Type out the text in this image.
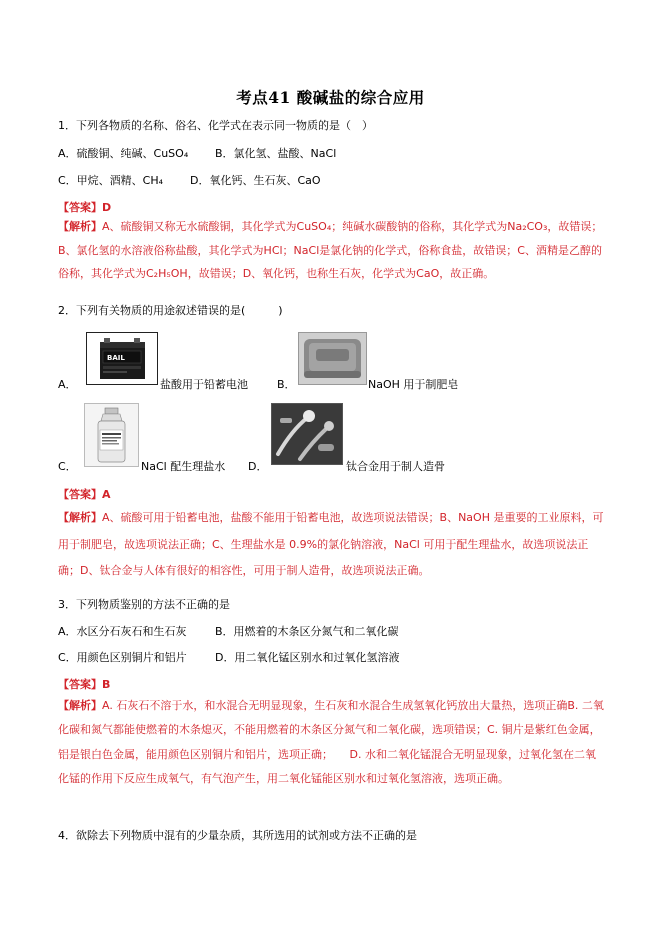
考点41 酸碱盐的综合应用
1．下列各物质的名称、俗名、化学式在表示同一物质的是（　）
A．硫酸铜、纯碱、CuSO₄ B．氯化氢、盐酸、NaCl
C．甲烷、酒精、CH₄ D．氧化钙、生石灰、CaO
【答案】D
【解析】A、硫酸铜又称无水硫酸铜，其化学式为CuSO₄；纯碱水碳酸钠的俗称，其化学式为Na₂CO₃，故错误；B、氯化氢的水溶液俗称盐酸，其化学式为HCl；NaCl是氯化钠的化学式，俗称食盐，故错误；C、酒精是乙醇的俗称，其化学式为C₂H₅OH，故错误；D、氧化钙，也称生石灰，化学式为CaO，故正确。
2．下列有关物质的用途叙述错误的是(　　　)
A．
BAIL
盐酸用于铅蓄电池	B．	NaOH 用于制肥皂
C．	NaCl 配生理盐水 D．	钛合金用于制人造骨
【答案】A
【解析】A、硫酸可用于铅蓄电池，盐酸不能用于铅蓄电池，故选项说法错误；B、NaOH 是重要的工业原料，可用于制肥皂，故选项说法正确；C、生理盐水是 0.9%的氯化钠溶液，NaCl 可用于配生理盐水，故选项说法正确；D、钛合金与人体有很好的相容性，可用于制人造骨，故选项说法正确。
3．下列物质鉴别的方法不正确的是
A．水区分石灰石和生石灰	B．用燃着的木条区分氮气和二氧化碳
C．用颜色区别铜片和铝片	D．用二氧化锰区别水和过氧化氢溶液
【答案】B
【解析】A. 石灰石不溶于水，和水混合无明显现象，生石灰和水混合生成氢氧化钙放出大量热，选项正确B. 二氧化碳和氮气都能使燃着的木条熄灭，不能用燃着的木条区分氮气和二氧化碳，选项错误；C. 铜片是紫红色金属，铝是银白色金属，能用颜色区别铜片和铝片，选项正确；　　D. 水和二氧化锰混合无明显现象，过氧化氢在二氧化锰的作用下反应生成氧气，有气泡产生，用二氧化锰能区别水和过氧化氢溶液，选项正确。
4．欲除去下列物质中混有的少量杂质，其所选用的试剂或方法不正确的是
